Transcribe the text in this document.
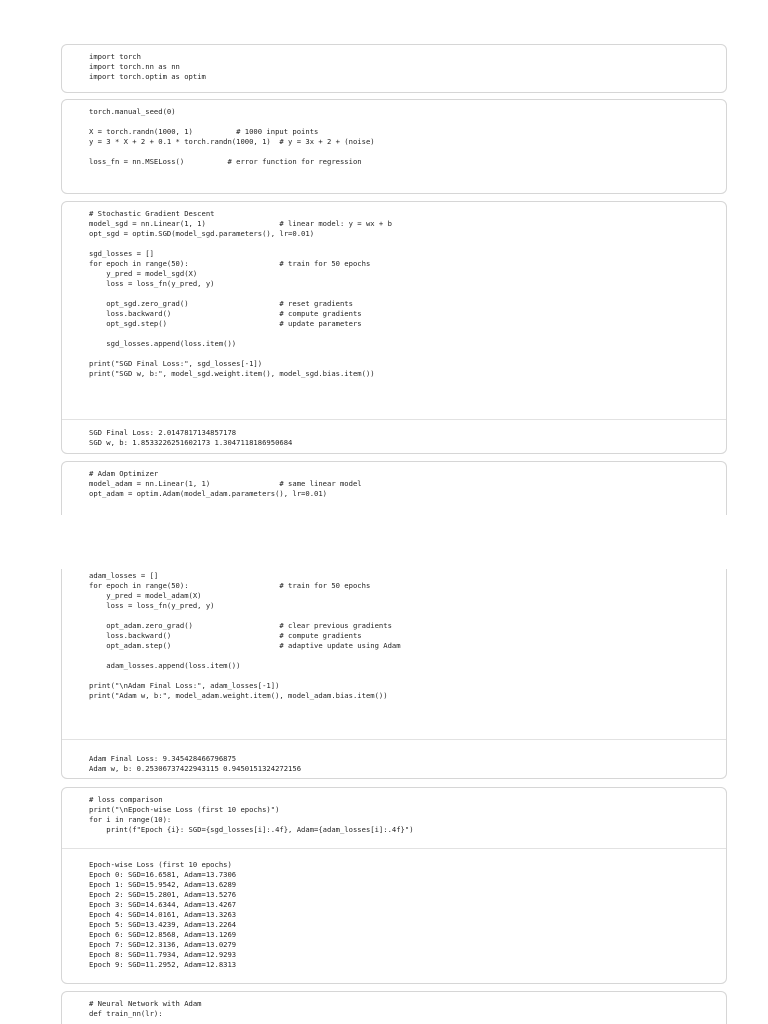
import torch
import torch.nn as nn
import torch.optim as optim
torch.manual_seed(0)

X = torch.randn(1000, 1)          # 1000 input points
y = 3 * X + 2 + 0.1 * torch.randn(1000, 1)  # y = 3x + 2 + (noise)

loss_fn = nn.MSELoss()          # error function for regression
# Stochastic Gradient Descent
model_sgd = nn.Linear(1, 1)                 # linear model: y = wx + b
opt_sgd = optim.SGD(model_sgd.parameters(), lr=0.01)

sgd_losses = []
for epoch in range(50):                     # train for 50 epochs
y_pred = model_sgd(X)
loss = loss_fn(y_pred, y)

opt_sgd.zero_grad()                     # reset gradients
loss.backward()                         # compute gradients
opt_sgd.step()                          # update parameters

sgd_losses.append(loss.item())

print("SGD Final Loss:", sgd_losses[-1])
print("SGD w, b:", model_sgd.weight.item(), model_sgd.bias.item())
SGD Final Loss: 2.0147817134857178
SGD w, b: 1.8533226251602173 1.3047118186950684
# Adam Optimizer
model_adam = nn.Linear(1, 1)                # same linear model
opt_adam = optim.Adam(model_adam.parameters(), lr=0.01)
adam_losses = []
for epoch in range(50):                     # train for 50 epochs
y_pred = model_adam(X)
loss = loss_fn(y_pred, y)

opt_adam.zero_grad()                    # clear previous gradients
loss.backward()                         # compute gradients
opt_adam.step()                         # adaptive update using Adam

adam_losses.append(loss.item())

print("\nAdam Final Loss:", adam_losses[-1])
print("Adam w, b:", model_adam.weight.item(), model_adam.bias.item())

Adam Final Loss: 9.345428466796875
Adam w, b: 0.25306737422943115 0.9450151324272156
# loss comparison
print("\nEpoch-wise Loss (first 10 epochs)")
for i in range(10):
print(f"Epoch {i}: SGD={sgd_losses[i]:.4f}, Adam={adam_losses[i]:.4f}")

Epoch-wise Loss (first 10 epochs)
Epoch 0: SGD=16.6581, Adam=13.7306
Epoch 1: SGD=15.9542, Adam=13.6289
Epoch 2: SGD=15.2801, Adam=13.5276
Epoch 3: SGD=14.6344, Adam=13.4267
Epoch 4: SGD=14.0161, Adam=13.3263
Epoch 5: SGD=13.4239, Adam=13.2264
Epoch 6: SGD=12.8568, Adam=13.1269
Epoch 7: SGD=12.3136, Adam=13.0279
Epoch 8: SGD=11.7934, Adam=12.9293
Epoch 9: SGD=11.2952, Adam=12.8313
# Neural Network with Adam
def train_nn(lr):
